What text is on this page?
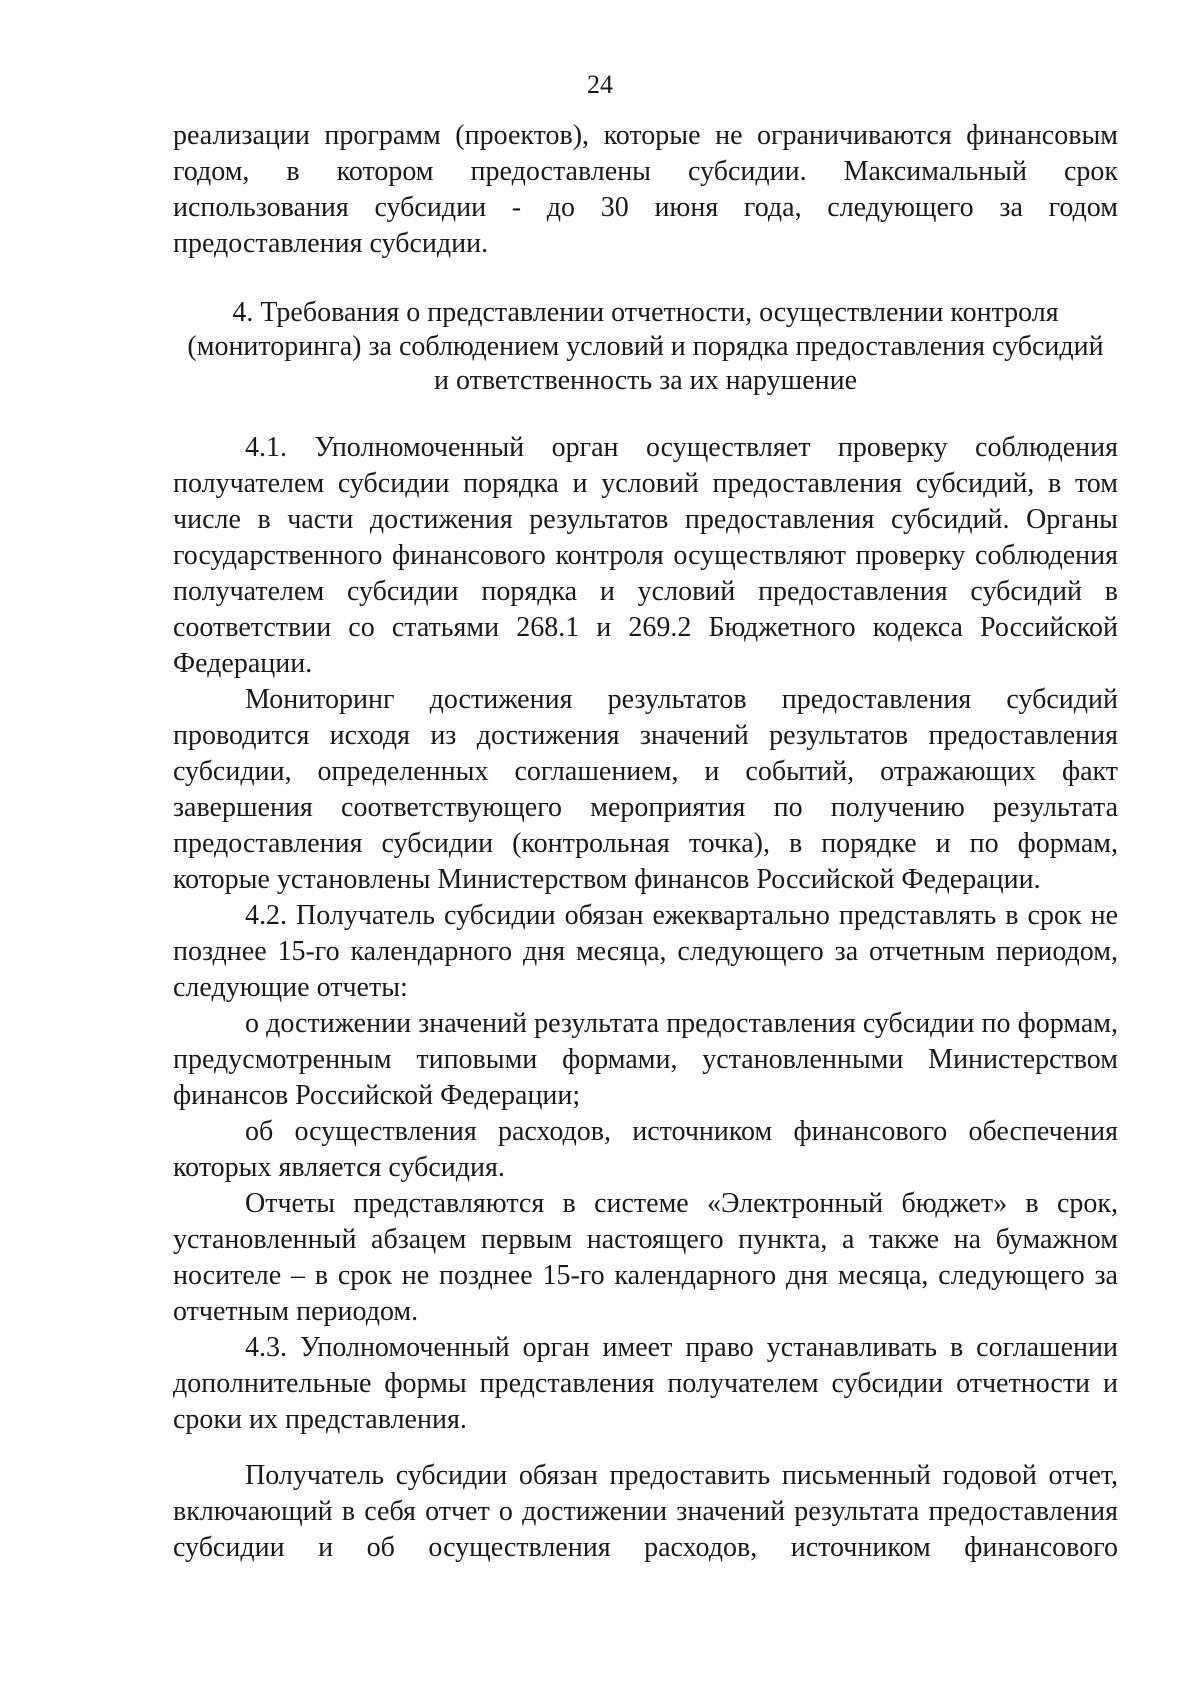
24

реализации программ (проектов), которые не ограничиваются финансовым годом, в котором предоставлены субсидии. Максимальный срок использования субсидии - до 30 июня года, следующего за годом предоставления субсидии.

4. Требования о представлении отчетности, осуществлении контроля
(мониторинга) за соблюдением условий и порядка предоставления субсидий
и ответственность за их нарушение

4.1. Уполномоченный орган осуществляет проверку соблюдения получателем субсидии порядка и условий предоставления субсидий, в том числе в части достижения результатов предоставления субсидий. Органы государственного финансового контроля осуществляют проверку соблюдения получателем субсидии порядка и условий предоставления субсидий в соответствии со статьями 268.1 и 269.2 Бюджетного кодекса Российской Федерации.

Мониторинг достижения результатов предоставления субсидий проводится исходя из достижения значений результатов предоставления субсидии, определенных соглашением, и событий, отражающих факт завершения соответствующего мероприятия по получению результата предоставления субсидии (контрольная точка), в порядке и по формам, которые установлены Министерством финансов Российской Федерации.

4.2. Получатель субсидии обязан ежеквартально представлять в срок не позднее 15-го календарного дня месяца, следующего за отчетным периодом, следующие отчеты:

о достижении значений результата предоставления субсидии по формам, предусмотренным типовыми формами, установленными Министерством финансов Российской Федерации;

об осуществления расходов, источником финансового обеспечения которых является субсидия.

Отчеты представляются в системе «Электронный бюджет» в срок, установленный абзацем первым настоящего пункта, а также на бумажном носителе – в срок не позднее 15-го календарного дня месяца, следующего за отчетным периодом.

4.3. Уполномоченный орган имеет право устанавливать в соглашении дополнительные формы представления получателем субсидии отчетности и сроки их представления.

Получатель субсидии обязан предоставить письменный годовой отчет, включающий в себя отчет о достижении значений результата предоставления субсидии и об осуществления расходов, источником финансового
